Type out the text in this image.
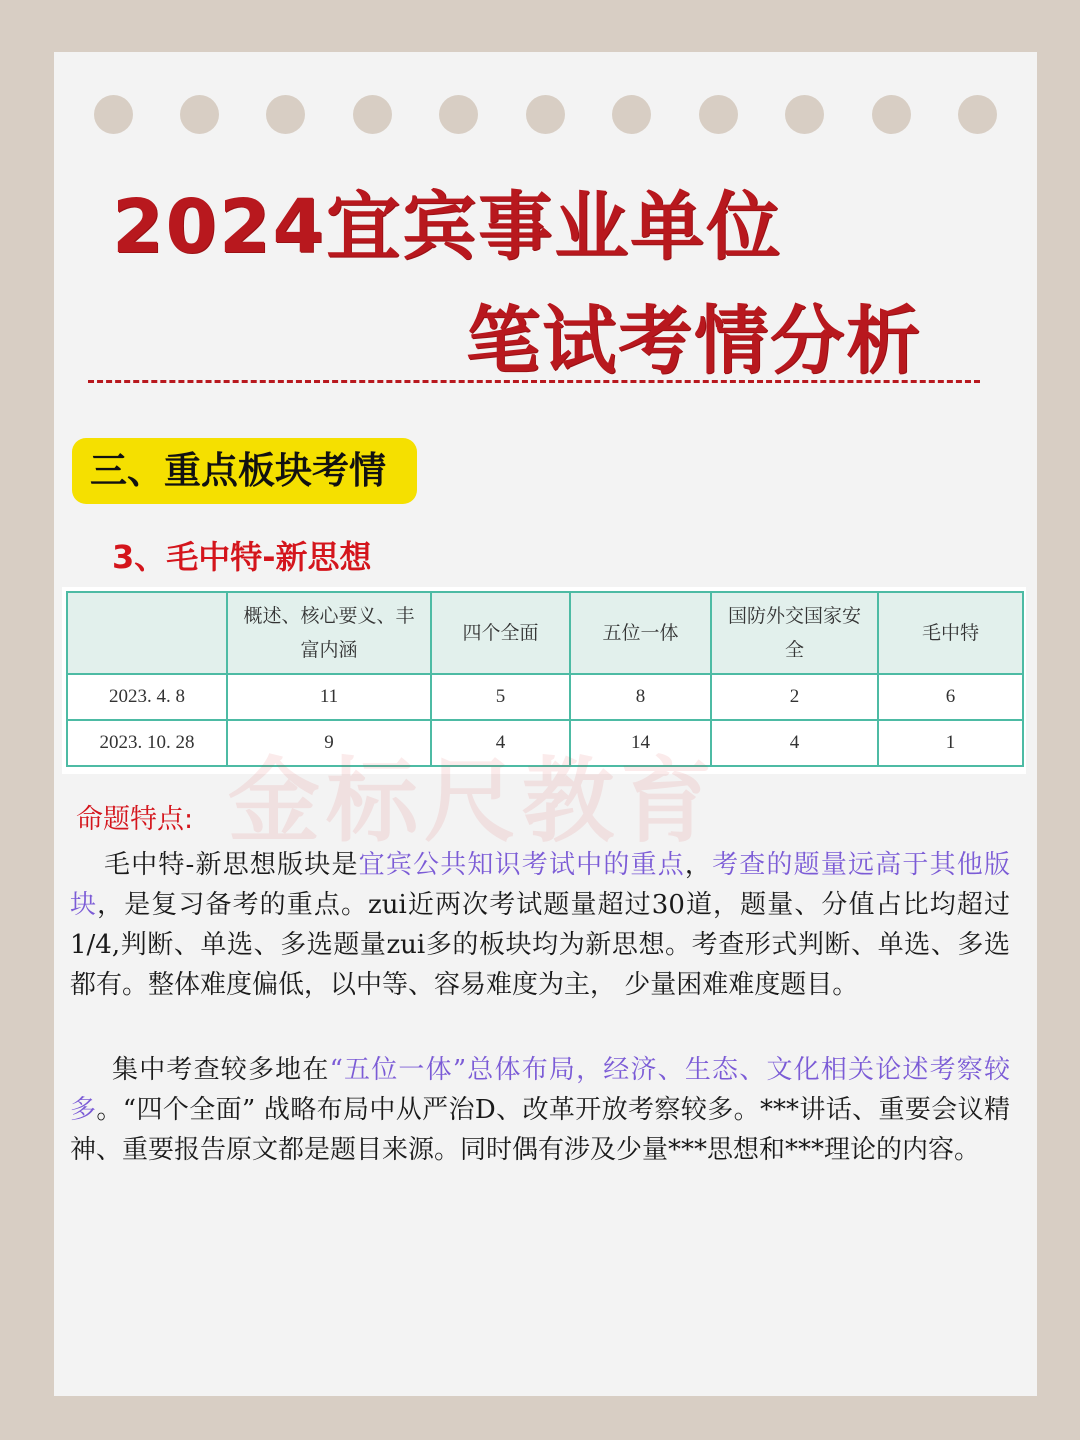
2024宜宾事业单位
笔试考情分析
三、重点板块考情
3、毛中特-新思想

	概述、核心要义、丰富内涵	四个全面	五位一体	国防外交国家安全	毛中特
2023. 4. 8	11	5	8	2	6
2023. 10. 28	9	4	14	4	1
命题特点:

毛中特-新思想版块是宜宾公共知识考试中的重点，考查的题量远高于其他版块，是复习备考的重点。zui近两次考试题量超过30道，题量、分值占比均超过1/4,判断、单选、多选题量zui多的板块均为新思想。考查形式判断、单选、多选都有。整体难度偏低，以中等、容易难度为主， 少量困难难度题目。

集中考查较多地在“五位一体”总体布局，经济、生态、文化相关论述考察较多。“四个全面” 战略布局中从严治D、改革开放考察较多。***讲话、重要会议精神、重要报告原文都是题目来源。同时偶有涉及少量***思想和***理论的内容。
